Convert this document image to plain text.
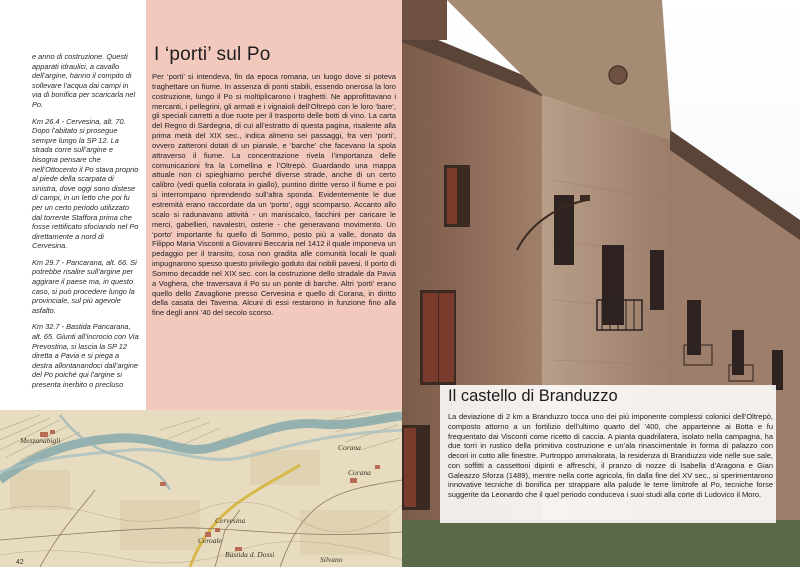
e anno di costruzione. Questi apparati idraulici, a cavallo dell’argine, hanno il compito di sollevare l’acqua dai campi in via di bonifica per scaricarla nel Po.

Km 26.4 - Cervesina, alt. 70. Dopo l’abitato si prosegue sempre lungo la SP 12. La strada corre sull’argine e bisogna pensare che nell’Ottocento il Po stava proprio al piede della scarpata di sinistra, dove oggi sono distese di campi, in un letto che poi fu per un certo periodo utilizzato dal torrente Staffora prima che fosse rettificato sfociando nel Po direttamente a nord di Cervesina.

Km 29.7 - Pancarana, alt. 66. Si potrebbe risalire sull’argine per aggirare il paese ma, in questo caso, si può procedere lungo la provinciale, sul più agevole asfalto.

Km 32.7 - Bastida Pancarana, alt. 65. Giunti all’incrocio con Via Prevostina, si lascia la SP 12 diretta a Pavia e si piega a destra allontanandoci dall’argine del Po poiché qui l’argine si presenta inerbito o precluso

I ‘porti’ sul Po

Per ‘porti’ si intendeva, fin da epoca romana, un luogo dove si poteva traghettare un fiume. In assenza di ponti stabili, essendo onerosa la loro costruzione, lungo il Po si moltiplicarono i traghetti. Ne approfittavano i mercanti, i pellegrini, gli armati e i vignaioli dell’Oltrepò con le loro ‘bare’, gli speciali carretti a due ruote per il trasporto delle botti di vino. La carta del Regno di Sardegna, di cui all’estratto di questa pagina, risalente alla prima metà del XIX sec., indica almeno sei passaggi, fra veri ‘porti’, ovvero zatteroni dotati di un pianale, e ‘barche’ che facevano la spola attraverso il fiume. La concentrazione rivela l’importanza delle comunicazioni fra la Lomellina e l’Oltrepò. Guardando una mappa attuale non ci spieghiamo perché diverse strade, anche di un certo calibro (vedi quella colorata in giallo), puntino diritte verso il fiume e poi si interrompano riprendendo sull’altra sponda. Evidentemente le due estremità erano raccordate da un ‘porto’, oggi scomparso. Accanto allo scalo si radunavano attività - un maniscalco, facchini per caricare le merci, gabellieri, navalestri, osterie - che generavano movimento. Un ‘porto’ importante fu quello di Sommo, posto più a valle, donato da Filippo Maria Visconti a Giovanni Beccaria nel 1412 il quale imponeva un pedaggio per il transito, cosa non gradita alle comunità locali le quali impugnarono spesso questo privilegio goduto dai nobili pavesi. Il porto di Sommo decadde nel XIX sec. con la costruzione dello stradale da Pavia a Voghera, che traversava il Po su un ponte di barche. Altri ‘porti’ erano quello dello Zavaglione presso Cervesina e quello di Corana, in diritto della casata dei Taverna. Alcuni di essi restarono in funzione fino alla fine degli anni ’40 del secolo scorso.

Mezzanabigli
Corana
Cervesina
Ceroale
Bastida d. Dossi
Silvano
Corana
42
Il castello di Branduzzo

La deviazione di 2 km a Branduzzo tocca uno dei più imponente complessi colonici dell’Oltrepò, composto attorno a un fortilizio dell’ultimo quarto del ’400, che appartenne ai Botta e fu frequentato dai Visconti come ricetto di caccia. A pianta quadrilatera, isolato nella campagna, ha due torri in rustico della primitiva costruzione e un’ala rinascimentale in forma di palazzo con decori in cotto alle finestre. Purtroppo ammalorata, la residenza di Branduzzo vide nelle sue sale, con soffitti a cassettoni dipinti e affreschi, il pranzo di nozze di Isabella d’Aragona e Gian Galeazzo Sforza (1489), mentre nella corte agricola, fin dalla fine del XV sec., si sperimentarono innovative tecniche di bonifica per strappare alla palude le terre limitrofe al Po, tecniche forse suggerite da Leonardo che il quel periodo conduceva i suoi studi alla corte di Ludovico il Moro.
